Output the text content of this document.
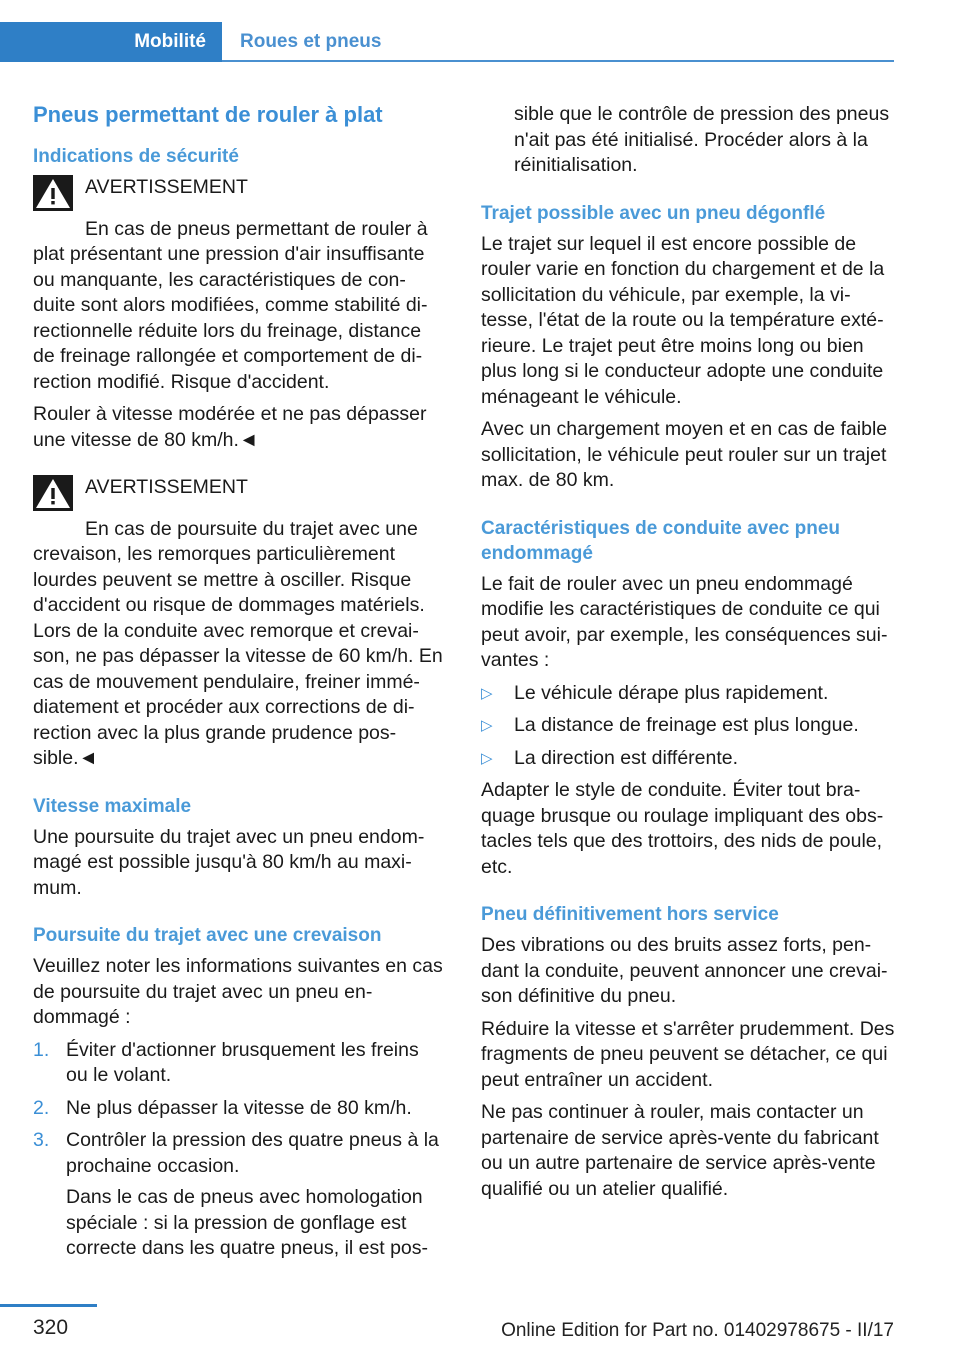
Mobilité Roues et pneus
Pneus permettant de rouler à plat
Indications de sécurité
AVERTISSEMENT

En cas de pneus permettant de rouler à plat présentant une pression d'air insuffisante ou manquante, les caractéristiques de con- duite sont alors modifiées, comme stabilité di- rectionnelle réduite lors du freinage, distance de freinage rallongée et comportement de di- rection modifié. Risque d'accident.

Rouler à vitesse modérée et ne pas dépasser une vitesse de 80 km/h.◄

AVERTISSEMENT

En cas de poursuite du trajet avec une crevaison, les remorques particulièrement lourdes peuvent se mettre à osciller. Risque d'accident ou risque de dommages matériels. Lors de la conduite avec remorque et crevai- son, ne pas dépasser la vitesse de 60 km/h. En cas de mouvement pendulaire, freiner immé- diatement et procéder aux corrections de di- rection avec la plus grande prudence pos- sible.◄

Vitesse maximale

Une poursuite du trajet avec un pneu endom- magé est possible jusqu'à 80 km/h au maxi- mum.

Poursuite du trajet avec une crevaison

Veuillez noter les informations suivantes en cas de poursuite du trajet avec un pneu en- dommagé :

1. Éviter d'actionner brusquement les freins ou le volant.
2. Ne plus dépasser la vitesse de 80 km/h.
3. Contrôler la pression des quatre pneus à la prochaine occasion.

Dans le cas de pneus avec homologation spéciale : si la pression de gonflage est correcte dans les quatre pneus, il est pos-

sible que le contrôle de pression des pneus n'ait pas été initialisé. Procéder alors à la réinitialisation.

Trajet possible avec un pneu dégonflé

Le trajet sur lequel il est encore possible de rouler varie en fonction du chargement et de la sollicitation du véhicule, par exemple, la vi- tesse, l'état de la route ou la température exté- rieure. Le trajet peut être moins long ou bien plus long si le conducteur adopte une conduite ménageant le véhicule.

Avec un chargement moyen et en cas de faible sollicitation, le véhicule peut rouler sur un trajet max. de 80 km.

Caractéristiques de conduite avec pneu endommagé

Le fait de rouler avec un pneu endommagé modifie les caractéristiques de conduite ce qui peut avoir, par exemple, les conséquences sui- vantes :

▷ Le véhicule dérape plus rapidement.
▷ La distance de freinage est plus longue.
▷ La direction est différente.

Adapter le style de conduite. Éviter tout bra- quage brusque ou roulage impliquant des obs- tacles tels que des trottoirs, des nids de poule, etc.

Pneu définitivement hors service

Des vibrations ou des bruits assez forts, pen- dant la conduite, peuvent annoncer une crevai- son définitive du pneu.

Réduire la vitesse et s'arrêter prudemment. Des fragments de pneu peuvent se détacher, ce qui peut entraîner un accident.

Ne pas continuer à rouler, mais contacter un partenaire de service après-vente du fabricant ou un autre partenaire de service après-vente qualifié ou un atelier qualifié.

320	Online Edition for Part no. 01402978675 - II/17
